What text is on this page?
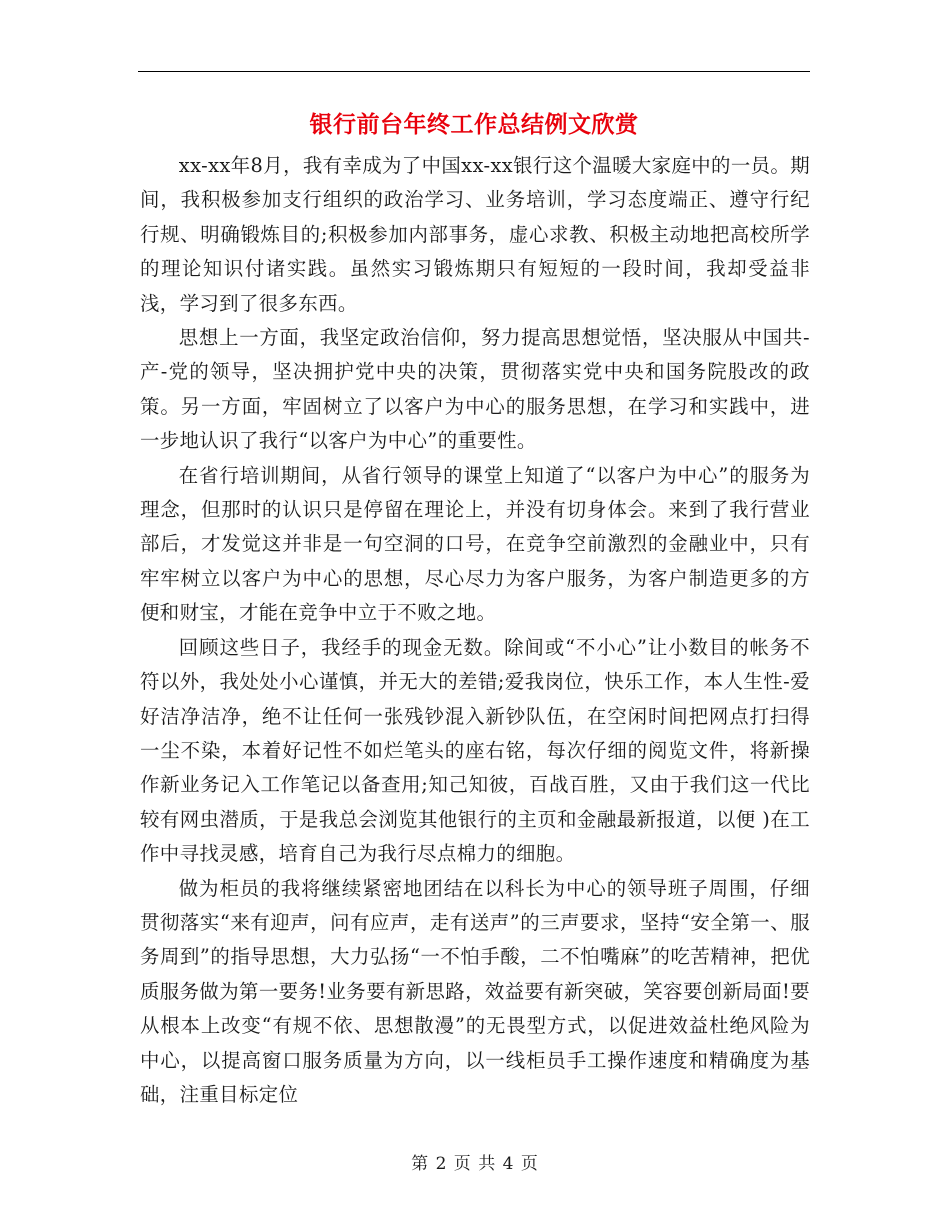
银行前台年终工作总结例文欣赏

xx-xx年8月，我有幸成为了中国xx-xx银行这个温暖大家庭中的一员。期间，我积极参加支行组织的政治学习、业务培训，学习态度端正、遵守行纪行规、明确锻炼目的;积极参加内部事务，虚心求教、积极主动地把高校所学的理论知识付诸实践。虽然实习锻炼期只有短短的一段时间，我却受益非浅，学习到了很多东西。

思想上一方面，我坚定政治信仰，努力提高思想觉悟，坚决服从中国共-产-党的领导，坚决拥护党中央的决策，贯彻落实党中央和国务院股改的政策。另一方面，牢固树立了以客户为中心的服务思想，在学习和实践中，进一步地认识了我行“以客户为中心”的重要性。

在省行培训期间，从省行领导的课堂上知道了“以客户为中心”的服务为理念，但那时的认识只是停留在理论上，并没有切身体会。来到了我行营业部后，才发觉这并非是一句空洞的口号，在竞争空前激烈的金融业中，只有牢牢树立以客户为中心的思想，尽心尽力为客户服务，为客户制造更多的方便和财宝，才能在竞争中立于不败之地。

回顾这些日子，我经手的现金无数。除间或“不小心”让小数目的帐务不符以外，我处处小心谨慎，并无大的差错;爱我岗位，快乐工作，本人生性-爱好洁净洁净，绝不让任何一张残钞混入新钞队伍，在空闲时间把网点打扫得一尘不染，本着好记性不如烂笔头的座右铭，每次仔细的阅览文件，将新操作新业务记入工作笔记以备查用;知己知彼，百战百胜，又由于我们这一代比较有网虫潜质，于是我总会浏览其他银行的主页和金融最新报道，以便 )在工作中寻找灵感，培育自己为我行尽点棉力的细胞。

做为柜员的我将继续紧密地团结在以科长为中心的领导班子周围，仔细贯彻落实“来有迎声，问有应声，走有送声”的三声要求，坚持“安全第一、服务周到”的指导思想，大力弘扬“一不怕手酸，二不怕嘴麻”的吃苦精神，把优质服务做为第一要务!业务要有新思路，效益要有新突破，笑容要创新局面!要从根本上改变“有规不依、思想散漫”的无畏型方式，以促进效益杜绝风险为中心，以提高窗口服务质量为方向，以一线柜员手工操作速度和精确度为基础，注重目标定位

第 2 页 共 4 页
